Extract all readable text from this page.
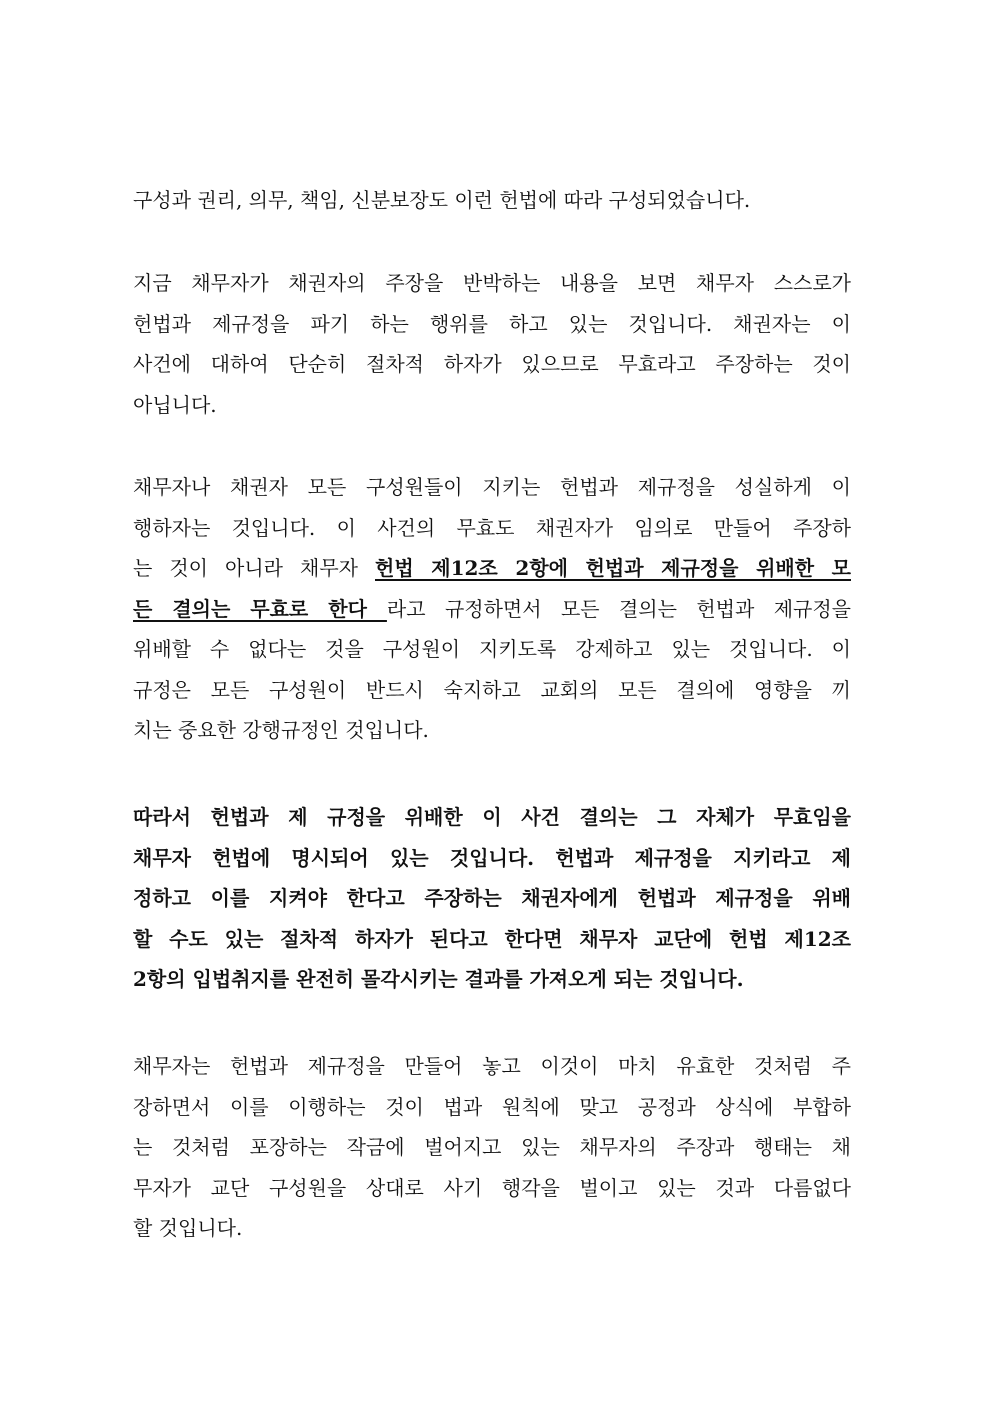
구성과 권리, 의무, 책임, 신분보장도 이런 헌법에 따라 구성되었습니다.
지금 채무자가 채권자의 주장을 반박하는 내용을 보면 채무자 스스로가
헌법과 제규정을 파기 하는 행위를 하고 있는 것입니다. 채권자는 이
사건에 대하여 단순히 절차적 하자가 있으므로 무효라고 주장하는 것이
아닙니다.
채무자나 채권자 모든 구성원들이 지키는 헌법과 제규정을 성실하게 이
행하자는 것입니다. 이 사건의 무효도 채권자가 임의로 만들어 주장하
는 것이 아니라 채무자 헌법 제12조 2항에 헌법과 제규정을 위배한 모
든 결의는 무효로 한다 라고 규정하면서 모든 결의는 헌법과 제규정을
위배할 수 없다는 것을 구성원이 지키도록 강제하고 있는 것입니다. 이
규정은 모든 구성원이 반드시 숙지하고 교회의 모든 결의에 영향을 끼
치는 중요한 강행규정인 것입니다.
따라서 헌법과 제 규정을 위배한 이 사건 결의는 그 자체가 무효임을
채무자 헌법에 명시되어 있는 것입니다. 헌법과 제규정을 지키라고 제
정하고 이를 지켜야 한다고 주장하는 채권자에게 헌법과 제규정을 위배
할 수도 있는 절차적 하자가 된다고 한다면 채무자 교단에 헌법 제12조
2항의 입법취지를 완전히 몰각시키는 결과를 가져오게 되는 것입니다.
채무자는 헌법과 제규정을 만들어 놓고 이것이 마치 유효한 것처럼 주
장하면서 이를 이행하는 것이 법과 원칙에 맞고 공정과 상식에 부합하
는 것처럼 포장하는 작금에 벌어지고 있는 채무자의 주장과 행태는 채
무자가 교단 구성원을 상대로 사기 행각을 벌이고 있는 것과 다름없다
할 것입니다.
